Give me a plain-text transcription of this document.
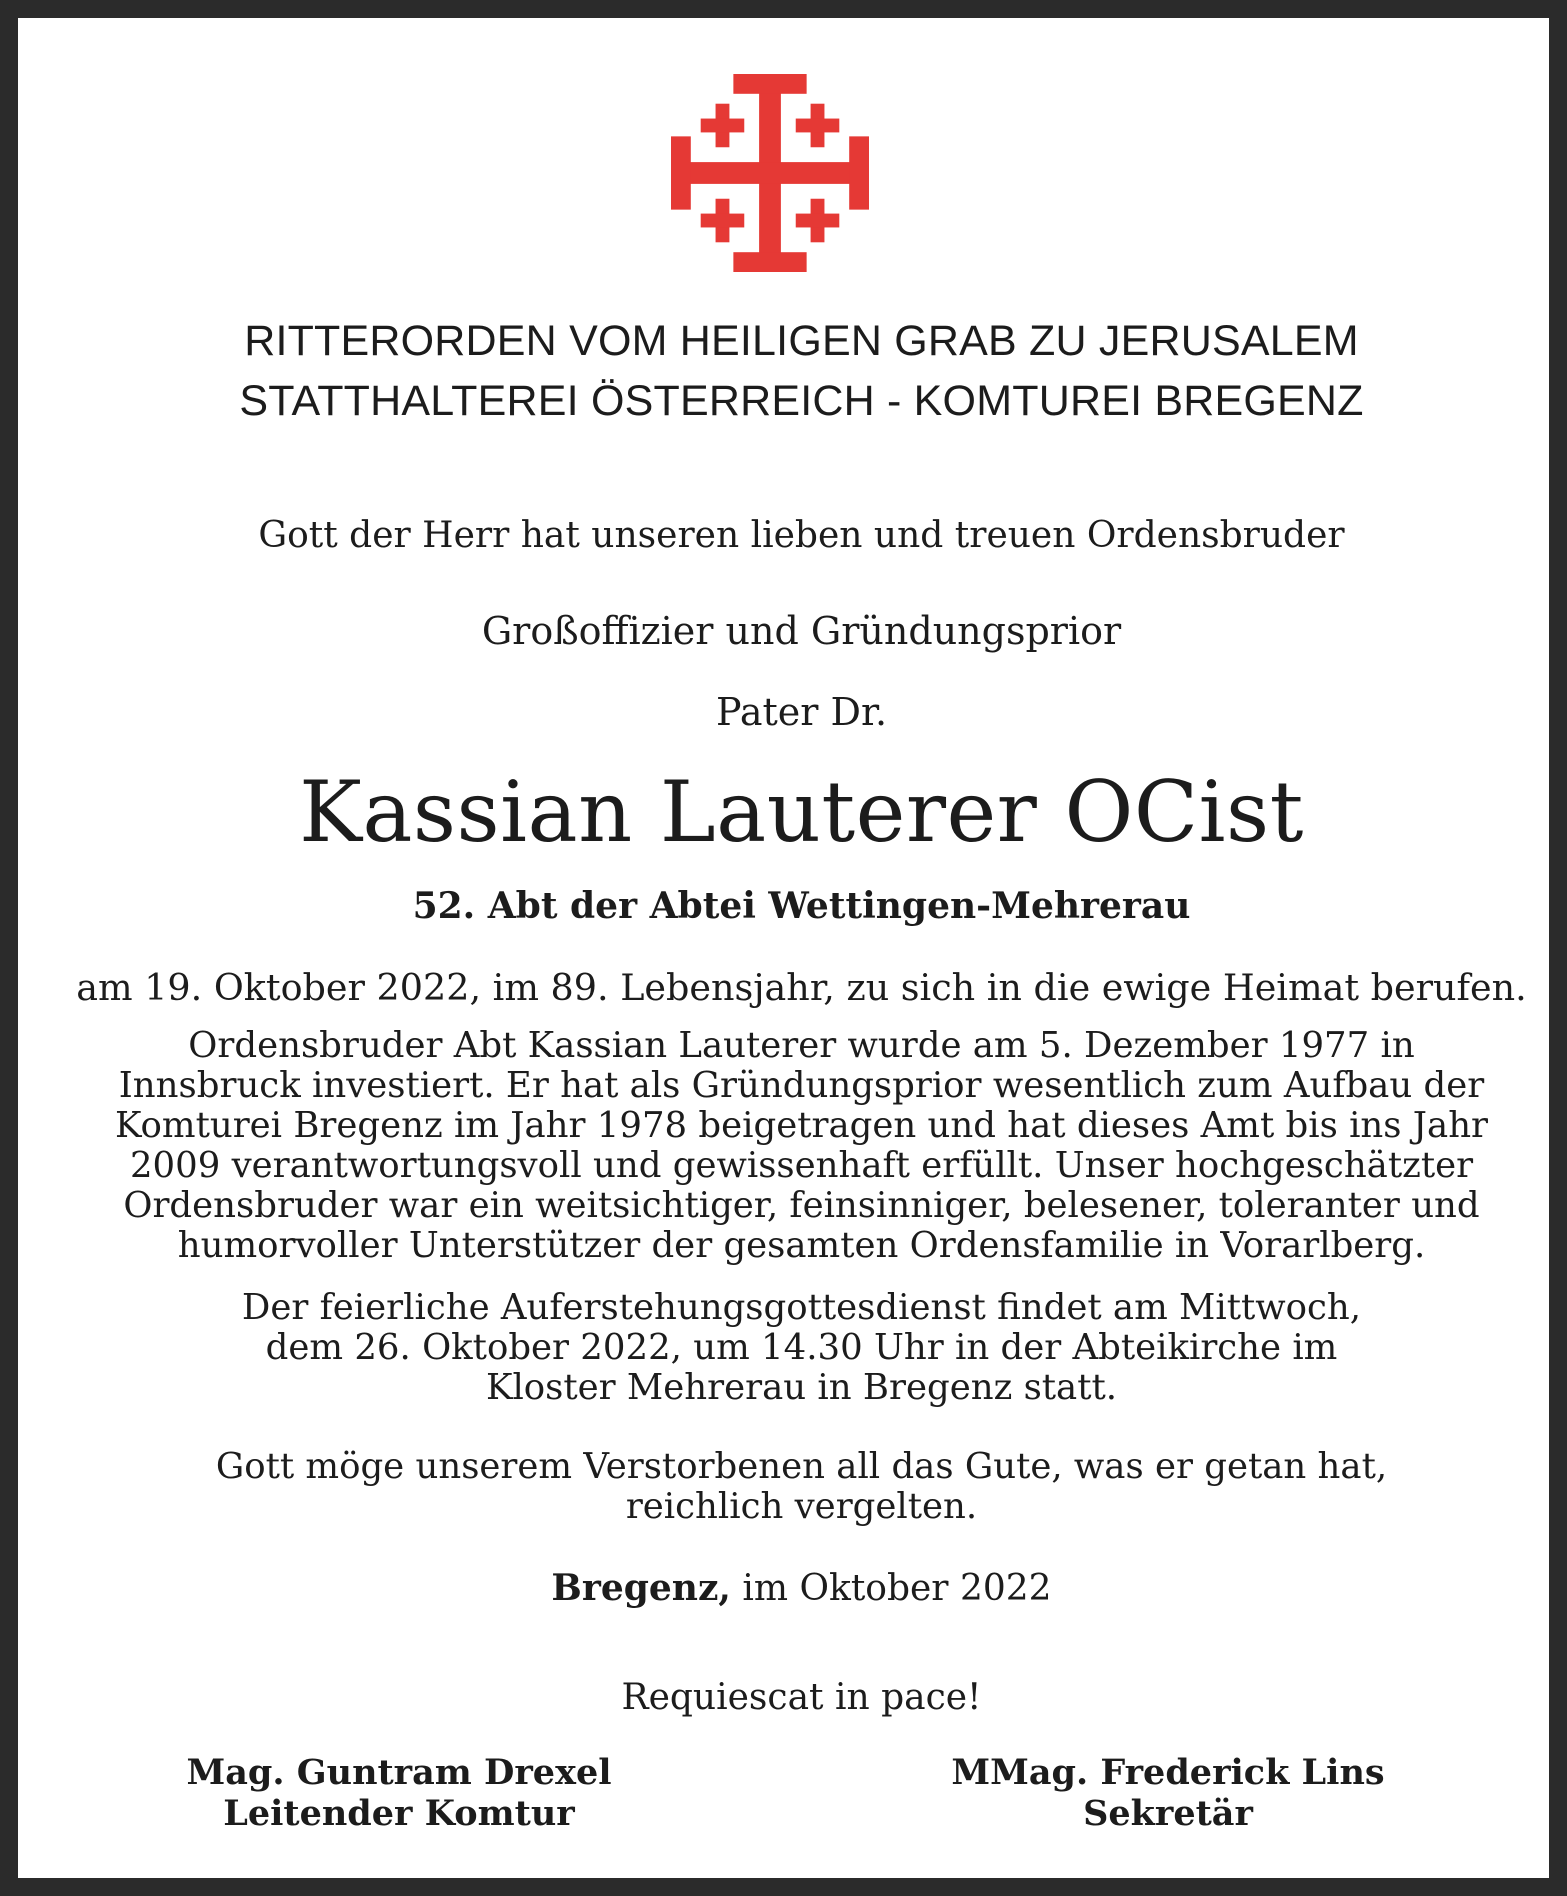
RITTERORDEN VOM HEILIGEN GRAB ZU JERUSALEM
STATTHALTEREI ÖSTERREICH - KOMTUREI BREGENZ
Gott der Herr hat unseren lieben und treuen Ordensbruder
Großoffizier und Gründungsprior
Pater Dr.
Kassian Lauterer OCist
52. Abt der Abtei Wettingen-Mehrerau
am 19. Oktober 2022, im 89. Lebensjahr, zu sich in die ewige Heimat berufen.
Ordensbruder Abt Kassian Lauterer wurde am 5. Dezember 1977 in
Innsbruck investiert. Er hat als Gründungsprior wesentlich zum Aufbau der
Komturei Bregenz im Jahr 1978 beigetragen und hat dieses Amt bis ins Jahr
2009 verantwortungsvoll und gewissenhaft erfüllt. Unser hochgeschätzter
Ordensbruder war ein weitsichtiger, feinsinniger, belesener, toleranter und
humorvoller Unterstützer der gesamten Ordensfamilie in Vorarlberg.
Der feierliche Auferstehungsgottesdienst findet am Mittwoch,
dem 26. Oktober 2022, um 14.30 Uhr in der Abteikirche im
Kloster Mehrerau in Bregenz statt.
Gott möge unserem Verstorbenen all das Gute, was er getan hat,
reichlich vergelten.
Bregenz, im Oktober 2022
Requiescat in pace!
Mag. Guntram Drexel
Leitender Komtur
MMag. Frederick Lins
Sekretär
